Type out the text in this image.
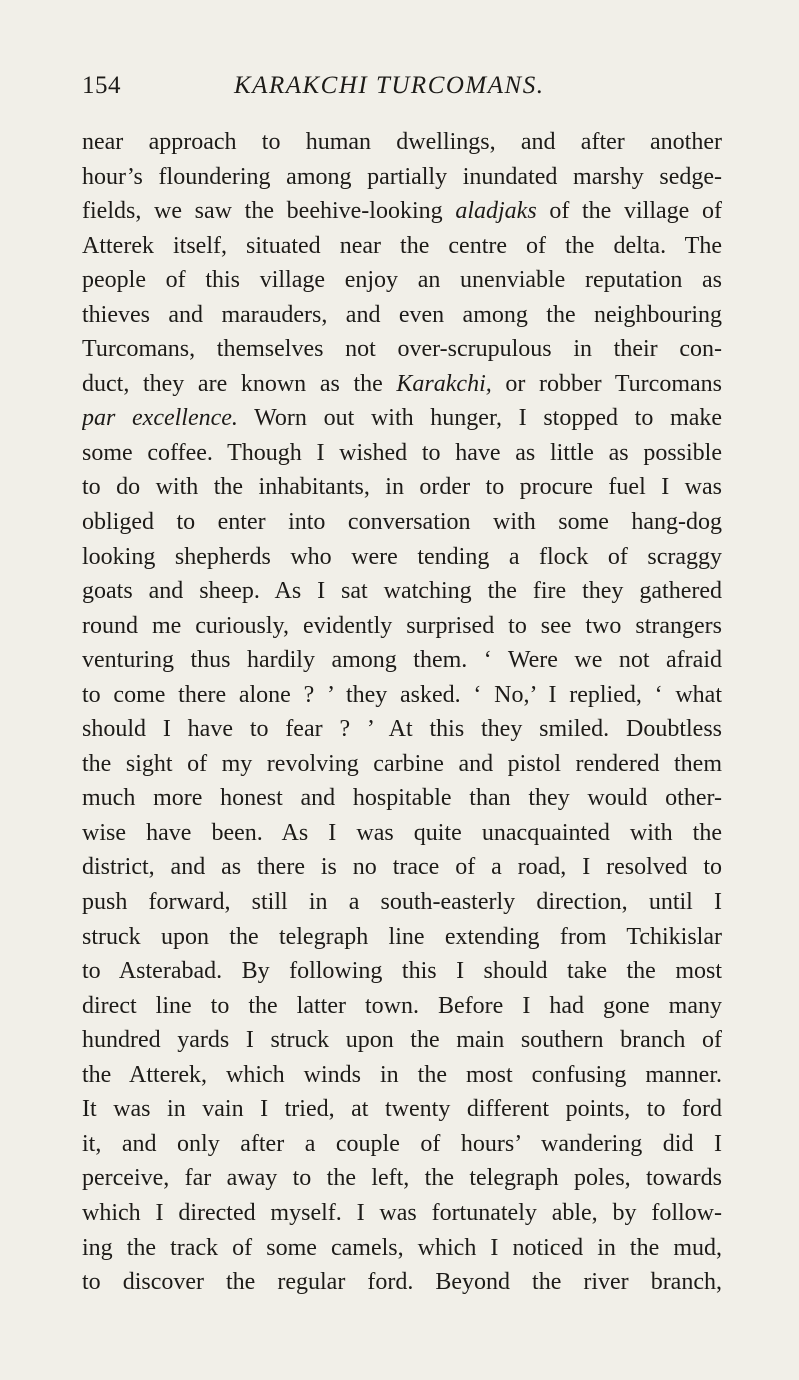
154	KARAKCHI TURCOMANS.
near approach to human dwellings, and after another
hour’s floundering among partially inundated marshy sedge-
fields, we saw the beehive-looking aladjaks of the village of
Atterek itself, situated near the centre of the delta. The
people of this village enjoy an unenviable reputation as
thieves and marauders, and even among the neighbouring
Turcomans, themselves not over-scrupulous in their con-
duct, they are known as the Karakchi, or robber Turcomans
par excellence. Worn out with hunger, I stopped to make
some coffee. Though I wished to have as little as possible
to do with the inhabitants, in order to procure fuel I was
obliged to enter into conversation with some hang-dog
looking shepherds who were tending a flock of scraggy
goats and sheep. As I sat watching the fire they gathered
round me curiously, evidently surprised to see two strangers
venturing thus hardily among them. ‘ Were we not afraid
to come there alone ? ’ they asked. ‘ No,’ I replied, ‘ what
should I have to fear ? ’ At this they smiled. Doubtless
the sight of my revolving carbine and pistol rendered them
much more honest and hospitable than they would other-
wise have been. As I was quite unacquainted with the
district, and as there is no trace of a road, I resolved to
push forward, still in a south-easterly direction, until I
struck upon the telegraph line extending from Tchikislar
to Asterabad. By following this I should take the most
direct line to the latter town. Before I had gone many
hundred yards I struck upon the main southern branch of
the Atterek, which winds in the most confusing manner.
It was in vain I tried, at twenty different points, to ford
it, and only after a couple of hours’ wandering did I
perceive, far away to the left, the telegraph poles, towards
which I directed myself. I was fortunately able, by follow-
ing the track of some camels, which I noticed in the mud,
to discover the regular ford. Beyond the river branch,
